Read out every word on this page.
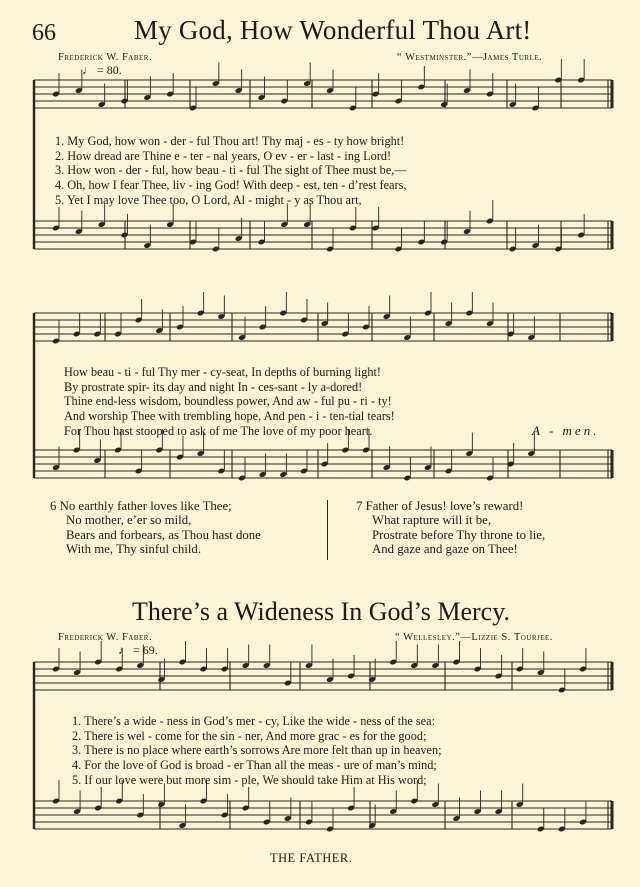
66	My God, How Wonderful Thou Art!
Frederick W. Faber.	“ Westminster.”—James Turle.
♩ = 80.
1. My God, how won - der - ful Thou art! Thy maj - es - ty how bright!
2. How dread are Thine e - ter - nal years, O ev - er - last - ing Lord!
3. How won - der - ful, how beau - ti - ful The sight of Thee must be,—
4. Oh, how I fear Thee, liv - ing God! With deep - est, ten - d’rest fears,
5. Yet I may love Thee too, O Lord, Al - might - y as Thou art,
How beau - ti - ful Thy mer - cy-seat, In depths of burning light!
By prostrate spir- its day and night In - ces-sant - ly a-dored!
Thine end-less wisdom, boundless power, And aw - ful pu - ri - ty!
And worship Thee with trembling hope, And pen - i - ten-tial tears!
For Thou hast stooped to ask of me The love of my poor heart.	A - men.
6 No earthly father loves like Thee;
No mother, e’er so mild,
Bears and forbears, as Thou hast done
With me, Thy sinful child.
7 Father of Jesus! love’s reward!
What rapture will it be,
Prostrate before Thy throne to lie,
And gaze and gaze on Thee!
There’s a Wideness In God’s Mercy.
Frederick W. Faber.	“ Wellesley.”—Lizzie S. Tourjee.
♩ = 69.
1. There’s a wide - ness in God’s mer - cy, Like the wide - ness of the sea:
2. There is wel - come for the sin - ner, And more grac - es for the good;
3. There is no place where earth’s sorrows Are more felt than up in heaven;
4. For the love of God is broad - er Than all the meas - ure of man’s mind;
5. If our love were but more sim - ple, We should take Him at His word;
THE FATHER.
